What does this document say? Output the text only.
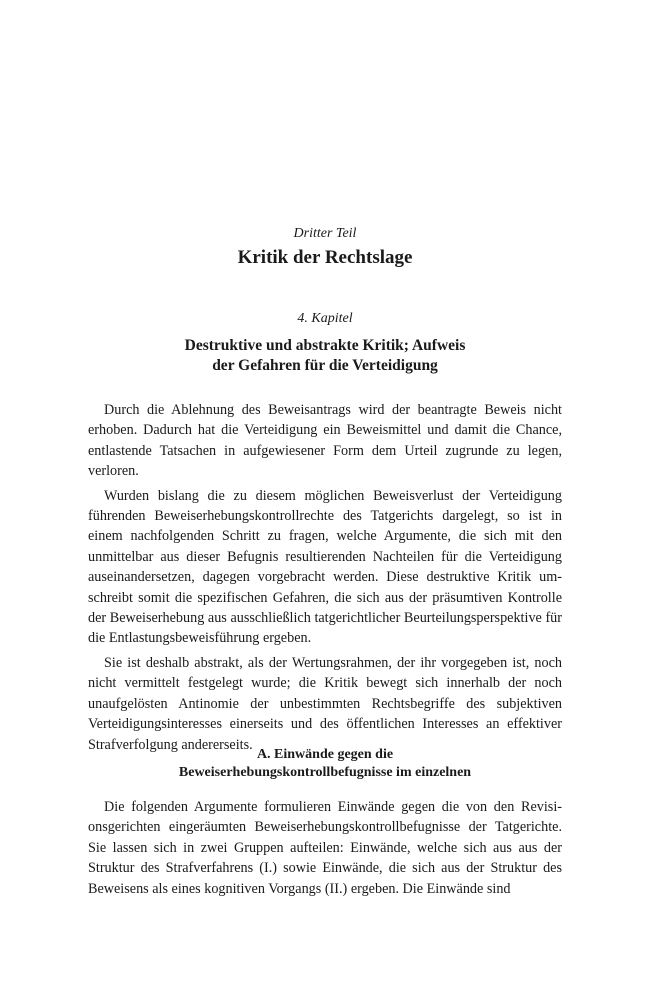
Dritter Teil
Kritik der Rechtslage
4. Kapitel
Destruktive und abstrakte Kritik; Aufweis
der Gefahren für die Verteidigung

Durch die Ablehnung des Beweisantrags wird der beantragte Beweis nicht erhoben. Dadurch hat die Verteidigung ein Beweismittel und damit die Chance, entlastende Tatsachen in aufgewiesener Form dem Urteil zugrunde zu legen, verloren.

Wurden bislang die zu diesem möglichen Beweisverlust der Verteidigung führenden Beweiserhebungskontrollrechte des Tatgerichts dargelegt, so ist in einem nachfolgenden Schritt zu fragen, welche Argumente, die sich mit den unmittelbar aus dieser Befugnis resultierenden Nachteilen für die Verteidigung auseinandersetzen, dagegen vorgebracht werden. Diese destruktive Kritik umschreibt somit die spezifischen Gefahren, die sich aus der präsumtiven Kontrolle der Beweiserhebung aus ausschließlich tatgerichtlicher Beurteilungsperspektive für die Entlastungsbeweisführung ergeben.

Sie ist deshalb abstrakt, als der Wertungsrahmen, der ihr vorgegeben ist, noch nicht vermittelt festgelegt wurde; die Kritik bewegt sich innerhalb der noch unaufgelösten Antinomie der unbestimmten Rechtsbegriffe des subjektiven Verteidigungsinteresses einerseits und des öffentlichen Interesses an effektiver Strafverfolgung andererseits.

A. Einwände gegen die
Beweiserhebungskontrollbefugnisse im einzelnen

Die folgenden Argumente formulieren Einwände gegen die von den Revisionsgerichten eingeräumten Beweiserhebungskontrollbefugnisse der Tatgerichte. Sie lassen sich in zwei Gruppen aufteilen: Einwände, welche sich aus aus der Struktur des Strafverfahrens (I.) sowie Einwände, die sich aus der Struktur des Beweisens als eines kognitiven Vorgangs (II.) ergeben. Die Einwände sind
